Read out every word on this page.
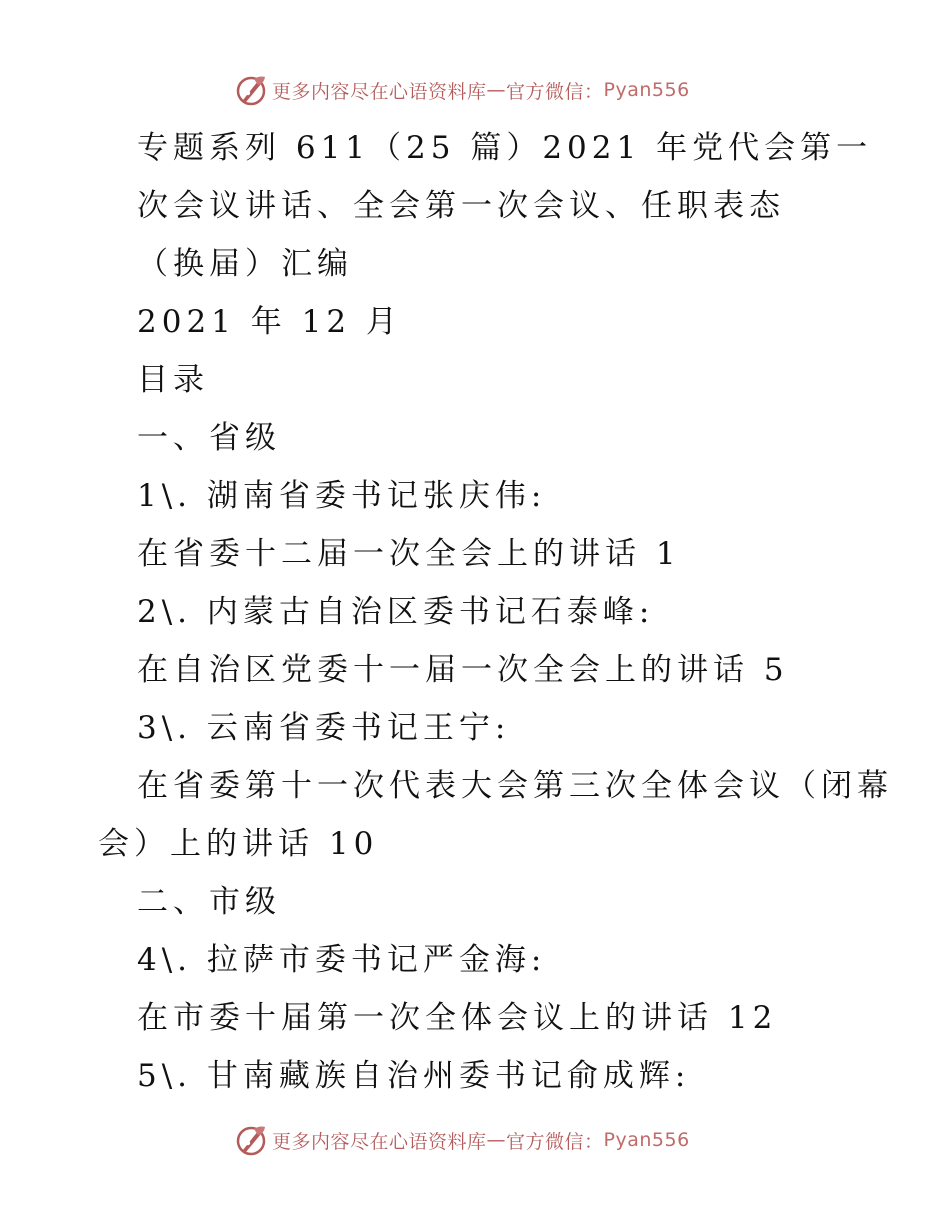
更多内容尽在心语资料库 — 官方微信： Pyan556
专题系列 611（25 篇）2021 年党代会第一
次会议讲话、全会第一次会议、任职表态
（换届）汇编
2021 年 12 月
目录
一、省级
1\. 湖南省委书记张庆伟:
在省委十二届一次全会上的讲话 1
2\. 内蒙古自治区委书记石泰峰:
在自治区党委十一届一次全会上的讲话 5
3\. 云南省委书记王宁:
在省委第十一次代表大会第三次全体会议（闭幕
会）上的讲话 10
二、市级
4\. 拉萨市委书记严金海:
在市委十届第一次全体会议上的讲话 12
5\. 甘南藏族自治州委书记俞成辉:
更多内容尽在心语资料库 — 官方微信： Pyan556
